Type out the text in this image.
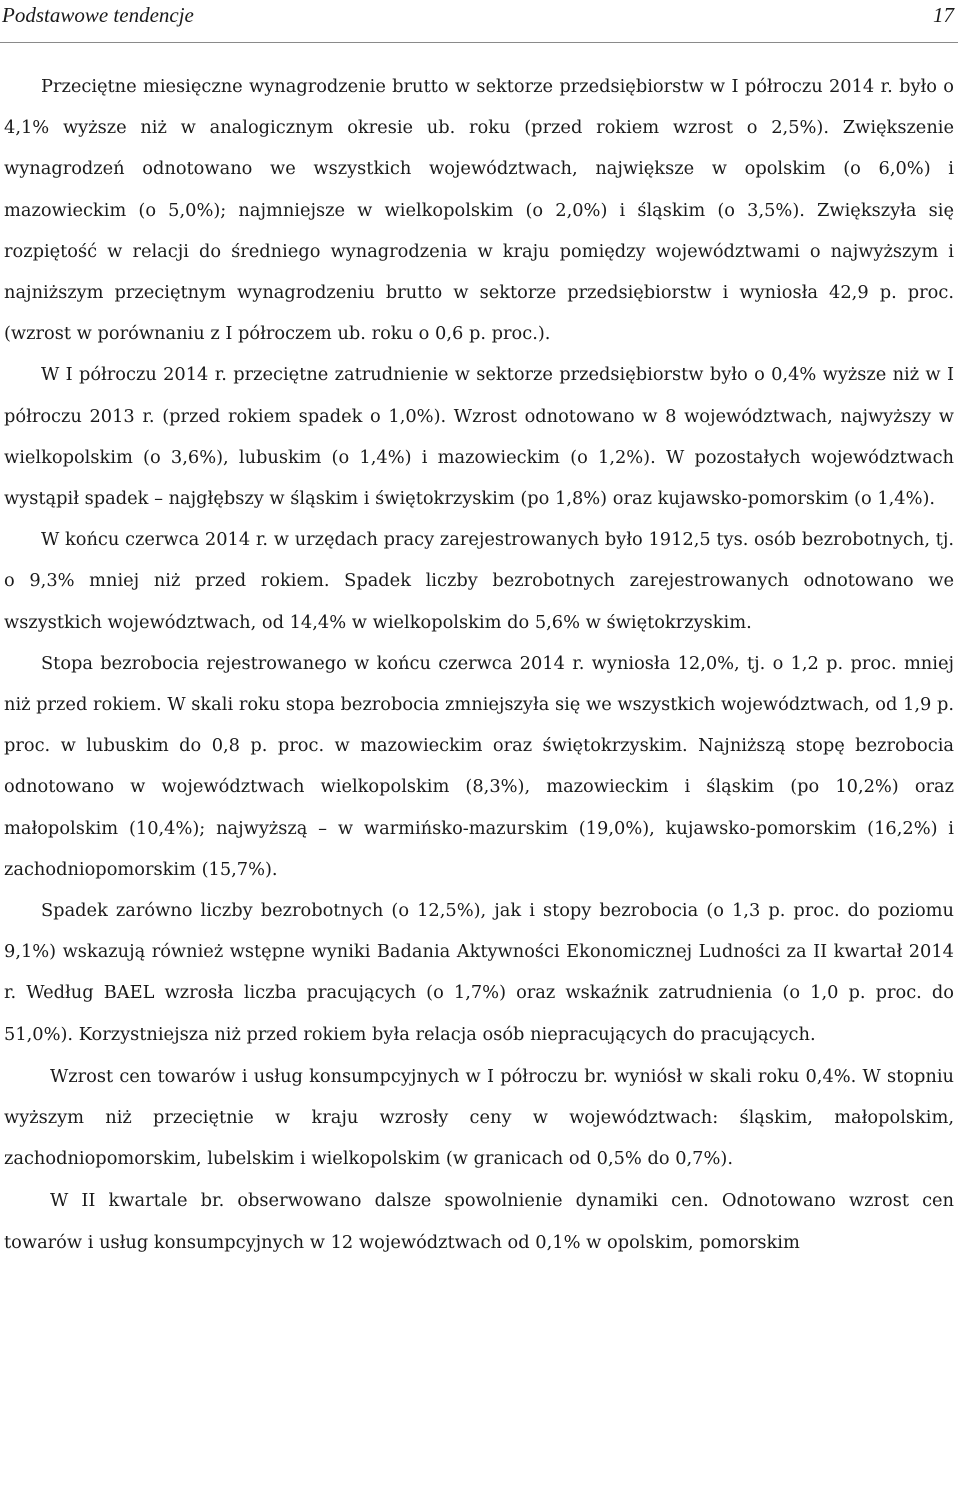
Podstawowe tendencje	17

Przeciętne miesięczne wynagrodzenie brutto w sektorze przedsiębiorstw w I półroczu 2014 r. było o 4,1% wyższe niż w analogicznym okresie ub. roku (przed rokiem wzrost o 2,5%). Zwiększenie wynagrodzeń odnotowano we wszystkich województwach, największe w opolskim (o 6,0%) i mazowieckim (o 5,0%); najmniejsze w wielkopolskim (o 2,0%) i śląskim (o 3,5%). Zwiększyła się rozpiętość w relacji do średniego wynagrodzenia w kraju pomiędzy województwami o najwyższym i najniższym przeciętnym wynagrodzeniu brutto w sektorze przedsiębiorstw i wyniosła 42,9 p. proc. (wzrost w porównaniu z I półroczem ub. roku o 0,6 p. proc.).

W I półroczu 2014 r. przeciętne zatrudnienie w sektorze przedsiębiorstw było o 0,4% wyższe niż w I półroczu 2013 r. (przed rokiem spadek o 1,0%). Wzrost odnotowano w 8 województwach, najwyższy w wielkopolskim (o 3,6%), lubuskim (o 1,4%) i mazowieckim (o 1,2%). W pozostałych województwach wystąpił spadek – najgłębszy w śląskim i świętokrzyskim (po 1,8%) oraz kujawsko-pomorskim (o 1,4%).

W końcu czerwca 2014 r. w urzędach pracy zarejestrowanych było 1912,5 tys. osób bezrobotnych, tj. o 9,3% mniej niż przed rokiem. Spadek liczby bezrobotnych zarejestrowanych odnotowano we wszystkich województwach, od 14,4% w wielkopolskim do 5,6% w świętokrzyskim.

Stopa bezrobocia rejestrowanego w końcu czerwca 2014 r. wyniosła 12,0%, tj. o 1,2 p. proc. mniej niż przed rokiem. W skali roku stopa bezrobocia zmniejszyła się we wszystkich województwach, od 1,9 p. proc. w lubuskim do 0,8 p. proc. w mazowieckim oraz świętokrzyskim. Najniższą stopę bezrobocia odnotowano w województwach wielkopolskim (8,3%), mazowieckim i śląskim (po 10,2%) oraz małopolskim (10,4%); najwyższą – w warmińsko-mazurskim (19,0%), kujawsko-pomorskim (16,2%) i zachodniopomorskim (15,7%).

Spadek zarówno liczby bezrobotnych (o 12,5%), jak i stopy bezrobocia (o 1,3 p. proc. do poziomu 9,1%) wskazują również wstępne wyniki Badania Aktywności Ekonomicznej Ludności za II kwartał 2014 r. Według BAEL wzrosła liczba pracujących (o 1,7%) oraz wskaźnik zatrudnienia (o 1,0 p. proc. do 51,0%). Korzystniejsza niż przed rokiem była relacja osób niepracujących do pracujących.

Wzrost cen towarów i usług konsumpcyjnych w I półroczu br. wyniósł w skali roku 0,4%. W stopniu wyższym niż przeciętnie w kraju wzrosły ceny w województwach: śląskim, małopolskim, zachodniopomorskim, lubelskim i wielkopolskim (w granicach od 0,5% do 0,7%).

W II kwartale br. obserwowano dalsze spowolnienie dynamiki cen. Odnotowano wzrost cen towarów i usług konsumpcyjnych w 12 województwach od 0,1% w opolskim, pomorskim
